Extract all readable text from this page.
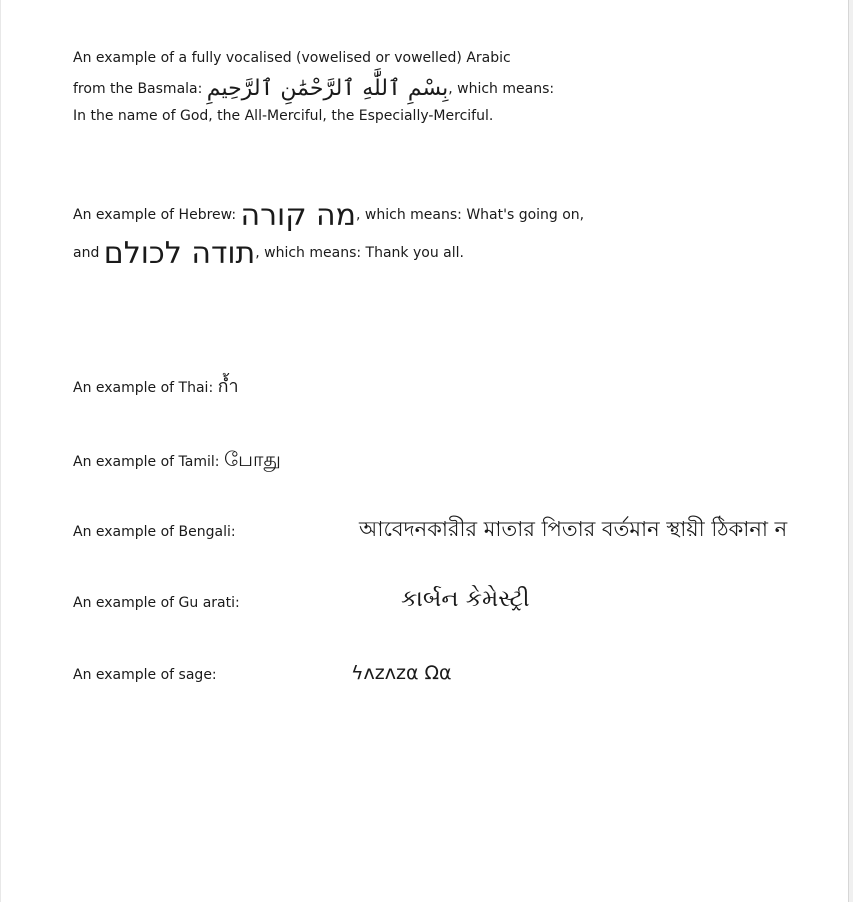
An example of a fully vocalised (vowelised or vowelled) Arabic
from the Basmala: بِسْمِ ٱللَّٰهِ ٱلرَّحْمَٰنِ ٱلرَّحِيمِ, which means:
In the name of God, the All-Merciful, the Especially-Merciful.
An example of Hebrew: מה קורה, which means: What's going on,
and תודה לכולם, which means: Thank you all.
An example of Thai: ก้ำ
An example of Tamil: போது
An example of Bengali:	আবেদনকারীর মাতার পিতার বর্তমান স্থায়ী ঠিকানা ন
An example of Gu arati:	કાર્બન કેમેસ્ટ્રી
An example of sage:	ϟʌzʌzα Ωα
